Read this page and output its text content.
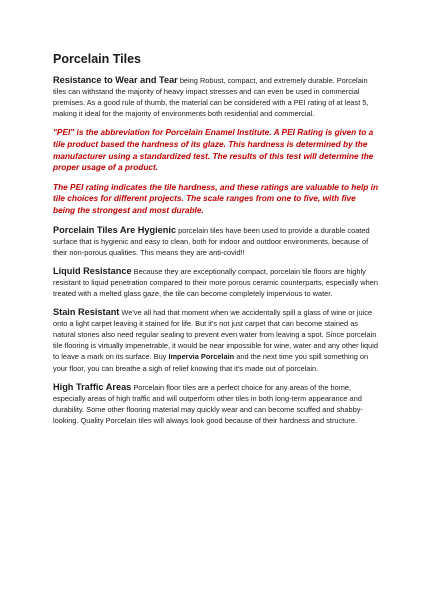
Porcelain Tiles

Resistance to Wear and Tear being Robust, compact, and extremely durable. Porcelain tiles can withstand the majority of heavy impact stresses and can even be used in commercial premises. As a good rule of thumb, the material can be considered with a PEI rating of at least 5, making it ideal for the majority of environments both residential and commercial.

"PEI" is the abbreviation for Porcelain Enamel Institute. A PEI Rating is given to a tile product based the hardness of its glaze. This hardness is determined by the manufacturer using a standardized test. The results of this test will determine the proper usage of a product.

The PEI rating indicates the tile hardness, and these ratings are valuable to help in tile choices for different projects. The scale ranges from one to five, with five being the strongest and most durable.

Porcelain Tiles Are Hygienic porcelain tiles have been used to provide a durable coated surface that is hygienic and easy to clean, both for indoor and outdoor environments, because of their non-porous qualities. This means they are anti-covid!!

Liquid Resistance Because they are exceptionally compact, porcelain tile floors are highly resistant to liquid penetration compared to their more porous ceramic counterparts, especially when treated with a melted glass gaze, the tile can become completely impervious to water.

Stain Resistant We've all had that moment when we accidentally spill a glass of wine or juice onto a light carpet leaving it stained for life. But it's not just carpet that can become stained as natural stones also need regular sealing to prevent even water from leaving a spot. Since porcelain tile flooring is virtually impenetrable, it would be near impossible for wine, water and any other liquid to leave a mark on its surface. Buy Impervia Porcelain and the next time you spill something on your floor, you can breathe a sigh of relief knowing that it's made out of porcelain.

High Traffic Areas Porcelain floor tiles are a perfect choice for any areas of the home, especially areas of high traffic and will outperform other tiles in both long-term appearance and durability. Some other flooring material may quickly wear and can become scuffed and shabby- looking. Quality Porcelain tiles will always look good because of their hardness and structure.
